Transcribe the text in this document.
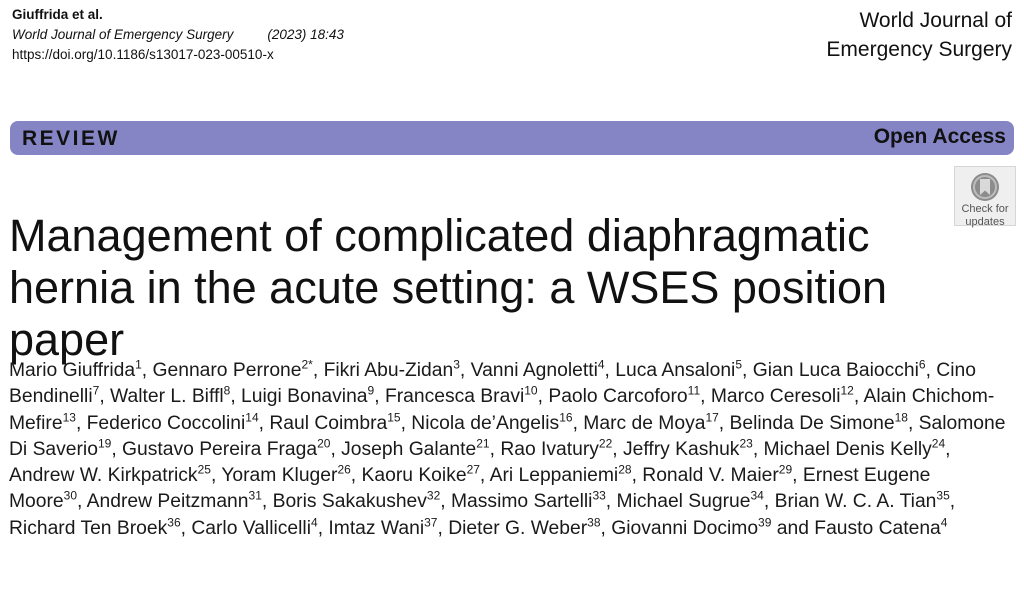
Giuffrida et al.
World Journal of Emergency Surgery	(2023) 18:43
https://doi.org/10.1186/s13017-023-00510-x
World Journal of
Emergency Surgery
REVIEW	Open Access
Management of complicated diaphragmatic hernia in the acute setting: a WSES position paper
Check for
updates
Mario Giuffrida$^1$, Gennaro Perrone$^{2*}$, Fikri Abu-Zidan$^3$, Vanni Agnoletti$^4$, Luca Ansaloni$^5$, Gian Luca Baiocchi$^6$, Cino Bendinelli$^7$, Walter L. Biffl$^8$, Luigi Bonavina$^9$, Francesca Bravi$^{10}$, Paolo Carcoforo$^{11}$, Marco Ceresoli$^{12}$, Alain Chichom-Mefire$^{13}$, Federico Coccolini$^{14}$, Raul Coimbra$^{15}$, Nicola de’Angelis$^{16}$, Marc de Moya$^{17}$, Belinda De Simone$^{18}$, Salomone Di Saverio$^{19}$, Gustavo Pereira Fraga$^{20}$, Joseph Galante$^{21}$, Rao Ivatury$^{22}$, Jeffry Kashuk$^{23}$, Michael Denis Kelly$^{24}$, Andrew W. Kirkpatrick$^{25}$, Yoram Kluger$^{26}$, Kaoru Koike$^{27}$, Ari Leppaniemi$^{28}$, Ronald V. Maier$^{29}$, Ernest Eugene Moore$^{30}$, Andrew Peitzmann$^{31}$, Boris Sakakushev$^{32}$, Massimo Sartelli$^{33}$, Michael Sugrue$^{34}$, Brian W. C. A. Tian$^{35}$, Richard Ten Broek$^{36}$, Carlo Vallicelli$^4$, Imtaz Wani$^{37}$, Dieter G. Weber$^{38}$, Giovanni Docimo$^{39}$ and Fausto Catena$^4$
